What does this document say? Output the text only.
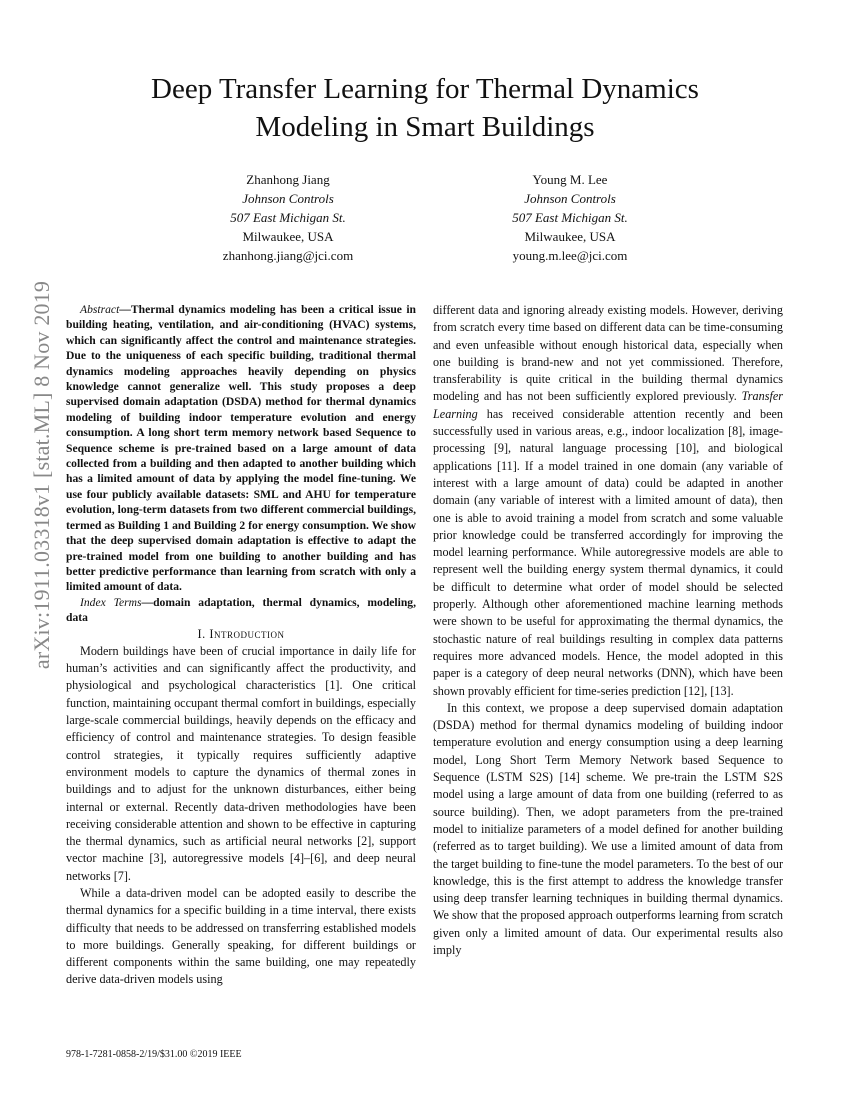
Deep Transfer Learning for Thermal Dynamics
Modeling in Smart Buildings
Zhanhong Jiang
Johnson Controls
507 East Michigan St.
Milwaukee, USA
zhanhong.jiang@jci.com
Young M. Lee
Johnson Controls
507 East Michigan St.
Milwaukee, USA
young.m.lee@jci.com
arXiv:1911.03318v1 [stat.ML] 8 Nov 2019	Abstract—Thermal dynamics modeling has been a critical issue in building heating, ventilation, and air-conditioning (HVAC) systems, which can significantly affect the control and maintenance strategies. Due to the uniqueness of each specific building, traditional thermal dynamics modeling approaches heavily depending on physics knowledge cannot generalize well. This study proposes a deep supervised domain adaptation (DSDA) method for thermal dynamics modeling of building indoor temperature evolution and energy consumption. A long short term memory network based Sequence to Sequence scheme is pre-trained based on a large amount of data collected from a building and then adapted to another building which has a limited amount of data by applying the model fine-tuning. We use four publicly available datasets: SML and AHU for temperature evolution, long-term datasets from two different commercial buildings, termed as Building 1 and Building 2 for energy consumption. We show that the deep supervised domain adaptation is effective to adapt the pre-trained model from one building to another building and has better predictive performance than learning from scratch with only a limited amount of data.

Index Terms—domain adaptation, thermal dynamics, modeling, data

I. Introduction

Modern buildings have been of crucial importance in daily life for human’s activities and can significantly affect the productivity, and physiological and psychological characteristics [1]. One critical function, maintaining occupant thermal comfort in buildings, especially large-scale commercial buildings, heavily depends on the efficacy and efficiency of control and maintenance strategies. To design feasible control strategies, it typically requires sufficiently adaptive environment models to capture the dynamics of thermal zones in buildings and to adjust for the unknown disturbances, either being internal or external. Recently data-driven methodologies have been receiving considerable attention and shown to be effective in capturing the thermal dynamics, such as artificial neural networks [2], support vector machine [3], autoregressive models [4]–[6], and deep neural networks [7].

While a data-driven model can be adopted easily to describe the thermal dynamics for a specific building in a time interval, there exists difficulty that needs to be addressed on transferring established models to more buildings. Generally speaking, for different buildings or different components within the same building, one may repeatedly derive data-driven models using

different data and ignoring already existing models. However, deriving from scratch every time based on different data can be time-consuming and even unfeasible without enough historical data, especially when one building is brand-new and not yet commissioned. Therefore, transferability is quite critical in the building thermal dynamics modeling and has not been sufficiently explored previously. Transfer Learning has received considerable attention recently and been successfully used in various areas, e.g., indoor localization [8], image-processing [9], natural language processing [10], and biological applications [11]. If a model trained in one domain (any variable of interest with a large amount of data) could be adapted in another domain (any variable of interest with a limited amount of data), then one is able to avoid training a model from scratch and some valuable prior knowledge could be transferred accordingly for improving the model learning performance. While autoregressive models are able to represent well the building energy system thermal dynamics, it could be difficult to determine what order of model should be selected properly. Although other aforementioned machine learning methods were shown to be useful for approximating the thermal dynamics, the stochastic nature of real buildings resulting in complex data patterns requires more advanced models. Hence, the model adopted in this paper is a category of deep neural networks (DNN), which have been shown provably efficient for time-series prediction [12], [13].

In this context, we propose a deep supervised domain adaptation (DSDA) method for thermal dynamics modeling of building indoor temperature evolution and energy consumption using a deep learning model, Long Short Term Memory Network based Sequence to Sequence (LSTM S2S) [14] scheme. We pre-train the LSTM S2S model using a large amount of data from one building (referred to as source building). Then, we adopt parameters from the pre-trained model to initialize parameters of a model defined for another building (referred as to target building). We use a limited amount of data from the target building to fine-tune the model parameters. To the best of our knowledge, this is the first attempt to address the knowledge transfer using deep transfer learning techniques in building thermal dynamics. We show that the proposed approach outperforms learning from scratch given only a limited amount of data. Our experimental results also imply

978-1-7281-0858-2/19/$31.00 ©2019 IEEE
